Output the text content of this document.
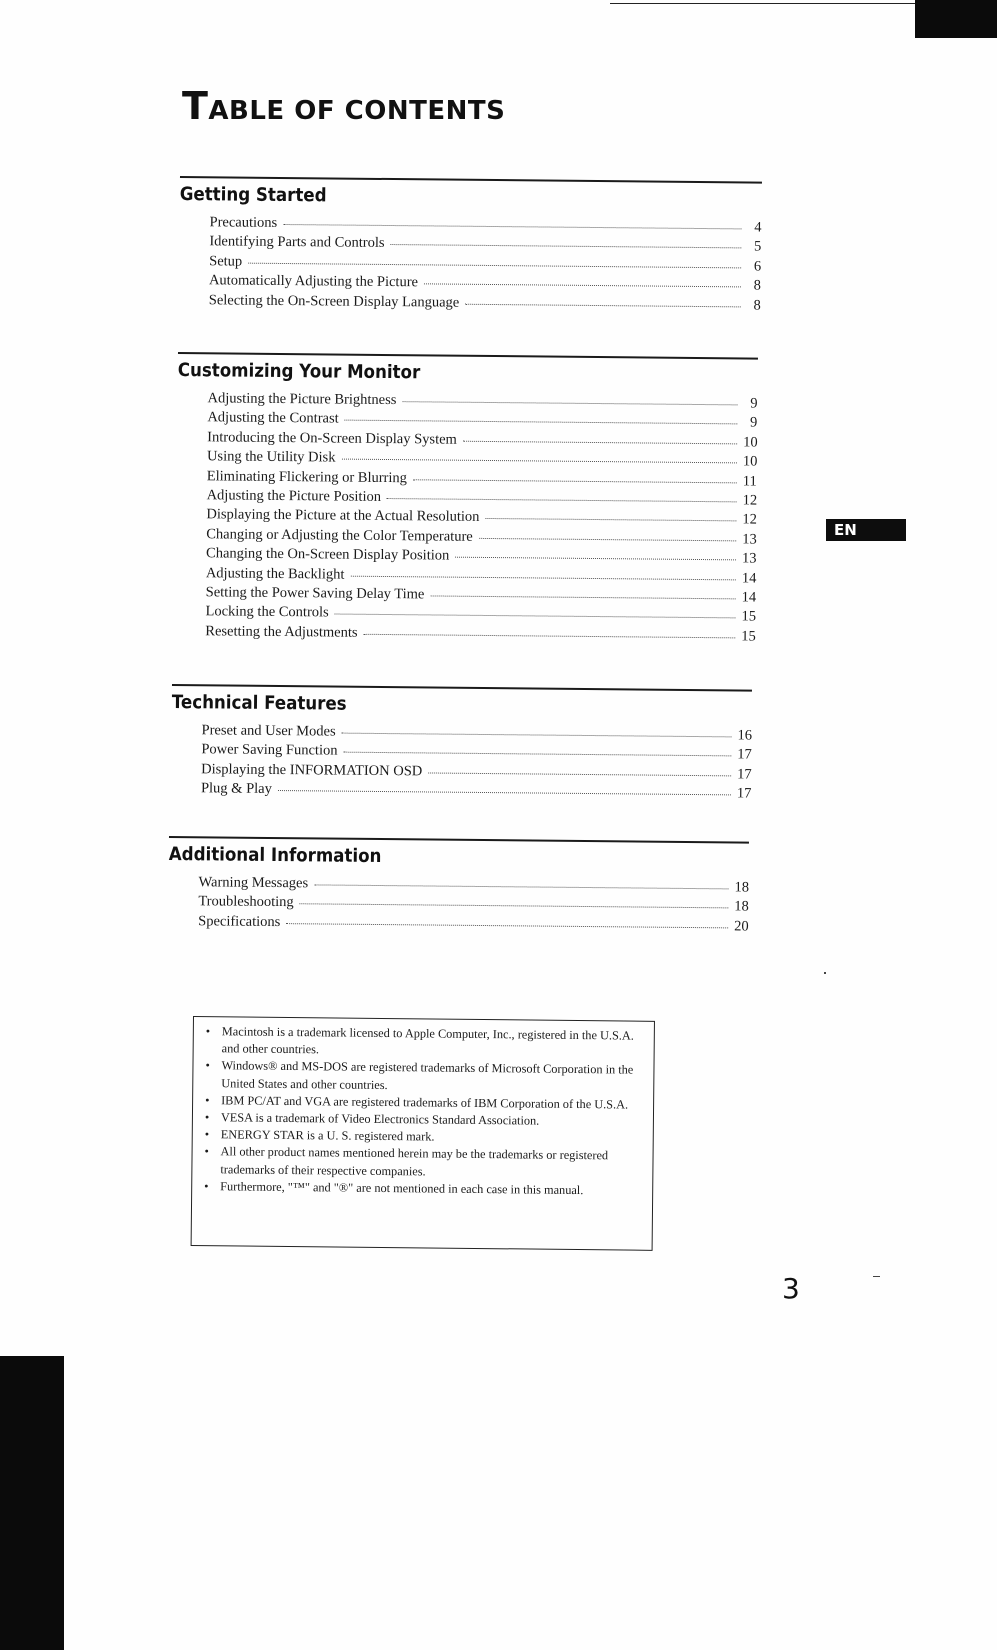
TABLE OF CONTENTS
Getting Started
Precautions	4
Identifying Parts and Controls	5
Setup	6
Automatically Adjusting the Picture	8
Selecting the On-Screen Display Language	8
Customizing Your Monitor
Adjusting the Picture Brightness	9
Adjusting the Contrast	9
Introducing the On-Screen Display System	10
Using the Utility Disk	10
Eliminating Flickering or Blurring	11
Adjusting the Picture Position	12
Displaying the Picture at the Actual Resolution	12
Changing or Adjusting the Color Temperature	13
Changing the On-Screen Display Position	13
Adjusting the Backlight	14
Setting the Power Saving Delay Time	14
Locking the Controls	15
Resetting the Adjustments	15
EN
Technical Features
Preset and User Modes	16
Power Saving Function	17
Displaying the INFORMATION OSD	17
Plug & Play	17
Additional Information
Warning Messages	18
Troubleshooting	18
Specifications	20
• Macintosh is a trademark licensed to Apple Computer, Inc., registered in the U.S.A. and other countries.
• Windows® and MS-DOS are registered trademarks of Microsoft Corporation in the United States and other countries.
• IBM PC/AT and VGA are registered trademarks of IBM Corporation of the U.S.A.
• VESA is a trademark of Video Electronics Standard Association.
• ENERGY STAR is a U. S. registered mark.
• All other product names mentioned herein may be the trademarks or registered trademarks of their respective companies.
• Furthermore, "™" and "®" are not mentioned in each case in this manual.
3
